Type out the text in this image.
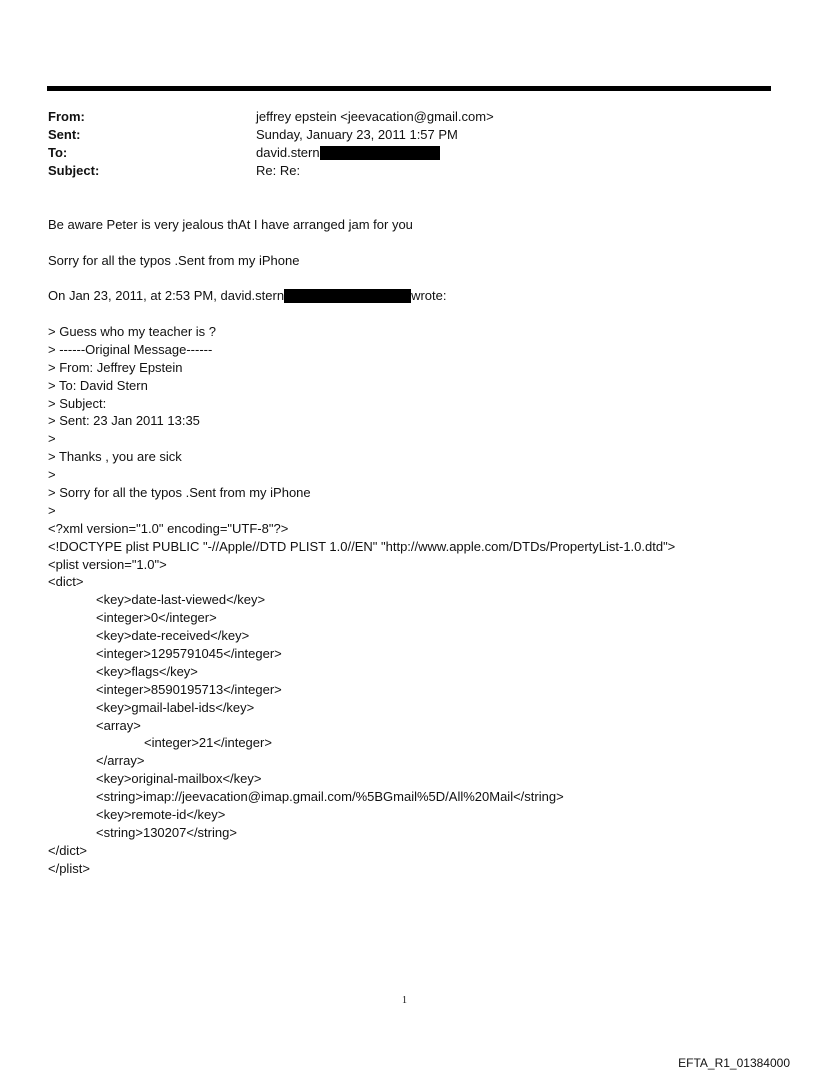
From:	jeffrey epstein <jeevacation@gmail.com>
Sent:	Sunday, January 23, 2011 1:57 PM
To:	david.stern
Subject:	Re: Re:
Be aware Peter is very jealous thAt I have arranged jam for you
Sorry for all the typos .Sent from my iPhone
On Jan 23, 2011, at 2:53 PM, david.stern	wrote:
> Guess who my teacher is ?
> ------Original Message------
> From: Jeffrey Epstein
> To: David Stern
> Subject:
> Sent: 23 Jan 2011 13:35
>
> Thanks , you are sick
>
> Sorry for all the typos .Sent from my iPhone
>
<?xml version="1.0" encoding="UTF-8"?>
<!DOCTYPE plist PUBLIC "-//Apple//DTD PLIST 1.0//EN" "http://www.apple.com/DTDs/PropertyList-1.0.dtd">
<plist version="1.0">
<dict>
<key>date-last-viewed</key>
<integer>0</integer>
<key>date-received</key>
<integer>1295791045</integer>
<key>flags</key>
<integer>8590195713</integer>
<key>gmail-label-ids</key>
<array>
<integer>21</integer>
</array>
<key>original-mailbox</key>
<string>imap://jeevacation@imap.gmail.com/%5BGmail%5D/All%20Mail</string>
<key>remote-id</key>
<string>130207</string>
</dict>
</plist>
1
EFTA_R1_01384000
